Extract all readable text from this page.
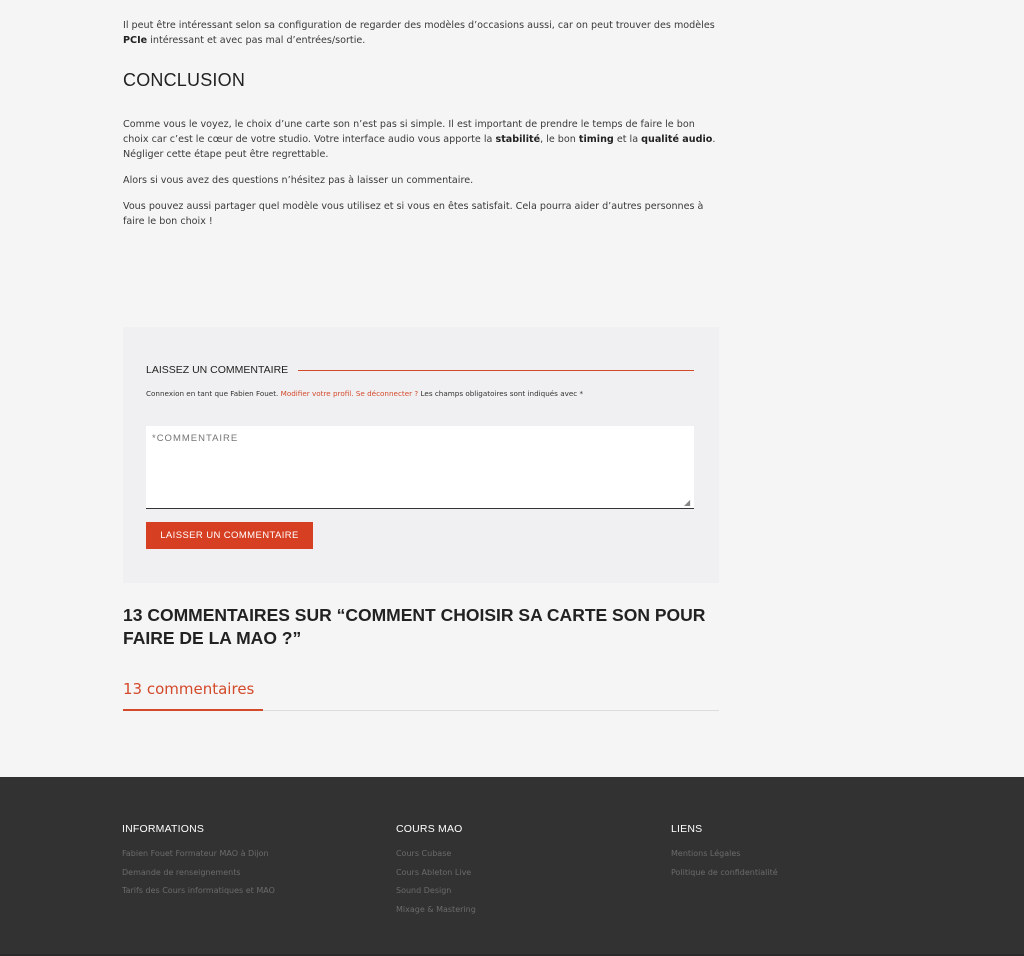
Il peut être intéressant selon sa configuration de regarder des modèles d’occasions aussi, car on peut trouver des modèles PCIe intéressant et avec pas mal d’entrées/sortie.

CONCLUSION

Comme vous le voyez, le choix d’une carte son n’est pas si simple. Il est important de prendre le temps de faire le bon choix car c’est le cœur de votre studio. Votre interface audio vous apporte la stabilité, le bon timing et la qualité audio. Négliger cette étape peut être regrettable.

Alors si vous avez des questions n’hésitez pas à laisser un commentaire.

Vous pouvez aussi partager quel modèle vous utilisez et si vous en êtes satisfait. Cela pourra aider d’autres personnes à faire le bon choix !

LAISSEZ UN COMMENTAIRE
Connexion en tant que Fabien Fouet. Modifier votre profil. Se déconnecter ? Les champs obligatoires sont indiqués avec *
*COMMENTAIRE
◢
LAISSER UN COMMENTAIRE
13 COMMENTAIRES SUR “COMMENT CHOISIR SA CARTE SON POUR FAIRE DE LA MAO ?”
13 commentaires
INFORMATIONS
Fabien Fouet Formateur MAO à Dijon
Demande de renseignements
Tarifs des Cours informatiques et MAO
COURS MAO
Cours Cubase
Cours Ableton Live
Sound Design
Mixage & Mastering
LIENS
Mentions Légales
Politique de confidentialité
